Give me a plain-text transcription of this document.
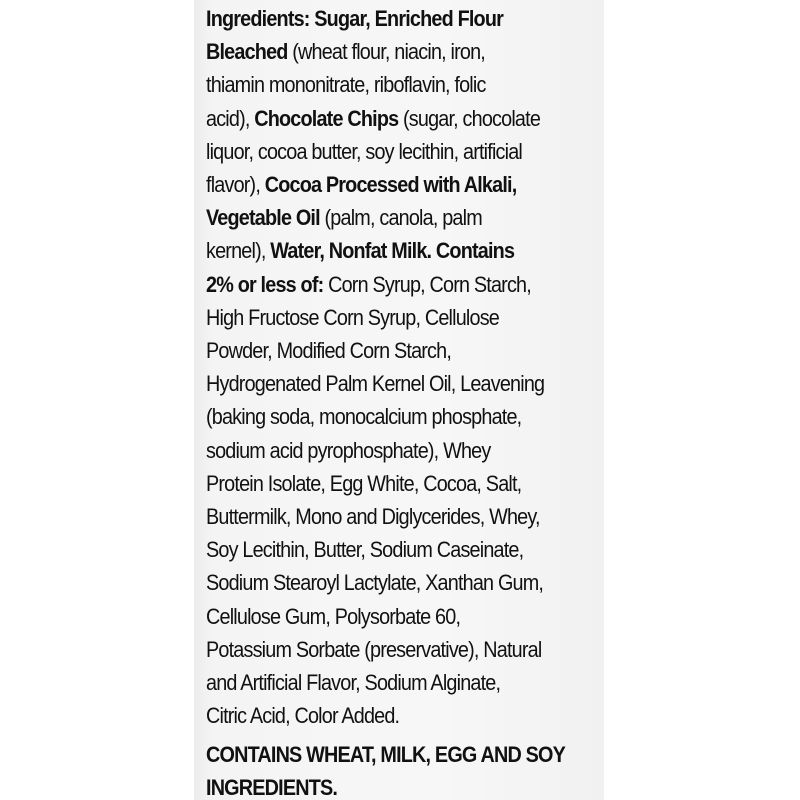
Ingredients: Sugar, Enriched Flour
Bleached (wheat flour, niacin, iron,
thiamin mononitrate, riboflavin, folic
acid), Chocolate Chips (sugar, chocolate
liquor, cocoa butter, soy lecithin, artificial
flavor), Cocoa Processed with Alkali,
Vegetable Oil (palm, canola, palm
kernel), Water, Nonfat Milk. Contains
2% or less of: Corn Syrup, Corn Starch,
High Fructose Corn Syrup, Cellulose
Powder, Modified Corn Starch,
Hydrogenated Palm Kernel Oil, Leavening
(baking soda, monocalcium phosphate,
sodium acid pyrophosphate), Whey
Protein Isolate, Egg White, Cocoa, Salt,
Buttermilk, Mono and Diglycerides, Whey,
Soy Lecithin, Butter, Sodium Caseinate,
Sodium Stearoyl Lactylate, Xanthan Gum,
Cellulose Gum, Polysorbate 60,
Potassium Sorbate (preservative), Natural
and Artificial Flavor, Sodium Alginate,
Citric Acid, Color Added.
CONTAINS WHEAT, MILK, EGG AND SOY
INGREDIENTS.
